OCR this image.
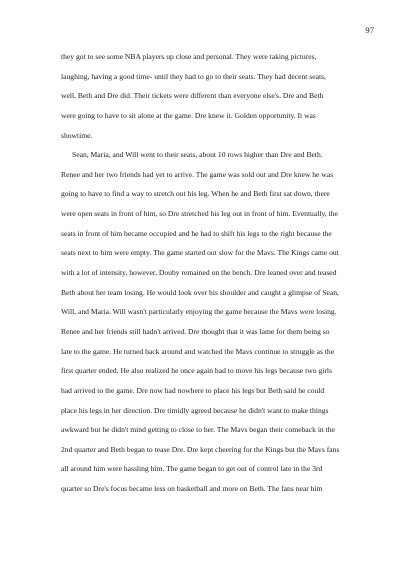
97
they got to see some NBA players up close and personal. They were taking pictures,
laughing, having a good time- until they had to go to their seats. They had decent seats,
well, Beth and Dre did. Their tickets were different than everyone else's. Dre and Beth
were going to have to sit alone at the game. Dre knew it. Golden opportunity. It was
showtime.
Sean, Maria, and Will went to their seats, about 10 rows higher than Dre and Beth.
Renee and her two friends had yet to arrive. The game was sold out and Dre knew he was
going to have to find a way to stretch out his leg. When he and Beth first sat down, there
were open seats in front of him, so Dre stretched his leg out in front of him. Eventually, the
seats in front of him became occupied and he had to shift his legs to the right because the
seats next to him were empty. The game started out slow for the Mavs. The Kings came out
with a lot of intensity, however, Douby remained on the bench. Dre leaned over and teased
Beth about her team losing. He would look over his shoulder and caught a glimpse of Sean,
Will, and Maria. Will wasn't particularly enjoying the game because the Mavs were losing.
Renee and her friends still hadn't arrived. Dre thought that it was lame for them being so
late to the game. He turned back around and watched the Mavs continue to struggle as the
first quarter ended. He also realized he once again had to move his legs because two girls
had arrived to the game. Dre now had nowhere to place his legs but Beth said he could
place his legs in her direction. Dre timidly agreed because he didn't want to make things
awkward but he didn't mind getting to close to her. The Mavs began their comeback in the
2nd quarter and Beth began to tease Dre. Dre kept cheering for the Kings but the Mavs fans
all around him were hassling him. The game began to get out of control late in the 3rd
quarter so Dre's focus became less on basketball and more on Beth. The fans near him
